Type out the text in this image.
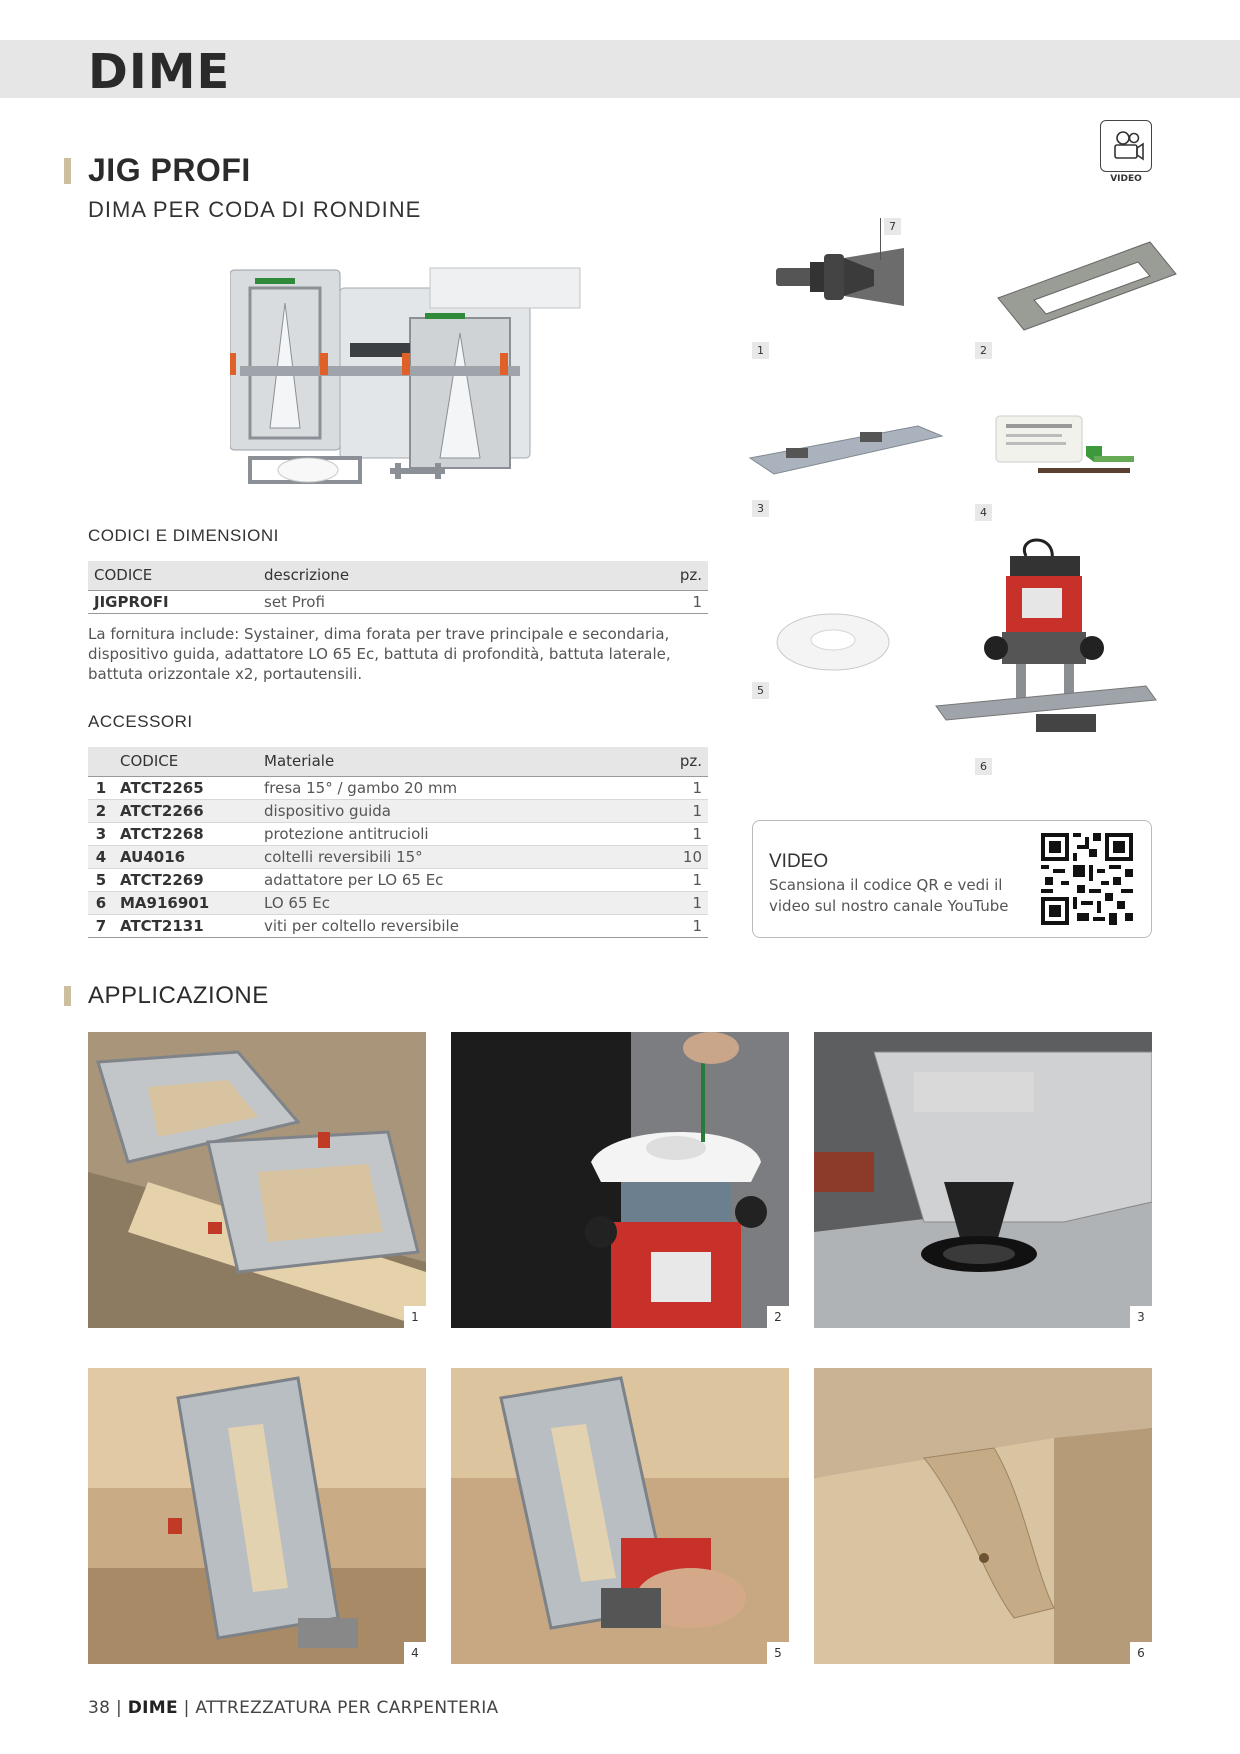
DIME
JIG PROFI
DIMA PER CODA DI RONDINE
VIDEO
CODICI E DIMENSIONI
CODICE	descrizione	pz.
JIGPROFI	set Profi	1
La fornitura include: Systainer, dima forata per trave principale e secondaria, dispositivo guida, adattatore LO 65 Ec, battuta di profondità, battuta laterale, battuta orizzontale x2, portautensili.
ACCESSORI
	CODICE	Materiale	pz.
1	ATCT2265	fresa 15° / gambo 20 mm	1
2	ATCT2266	dispositivo guida	1
3	ATCT2268	protezione antitrucioli	1
4	AU4016	coltelli reversibili 15°	10
5	ATCT2269	adattatore per LO 65 Ec	1
6	MA916901	LO 65 Ec	1
7	ATCT2131	viti per coltello reversibile	1
7
1	2
3	4
5
6
VIDEO
Scansiona il codice QR e vedi il video sul nostro canale YouTube
APPLICAZIONE
1	2	3
4	5	6
38 | DIME | ATTREZZATURA PER CARPENTERIA
